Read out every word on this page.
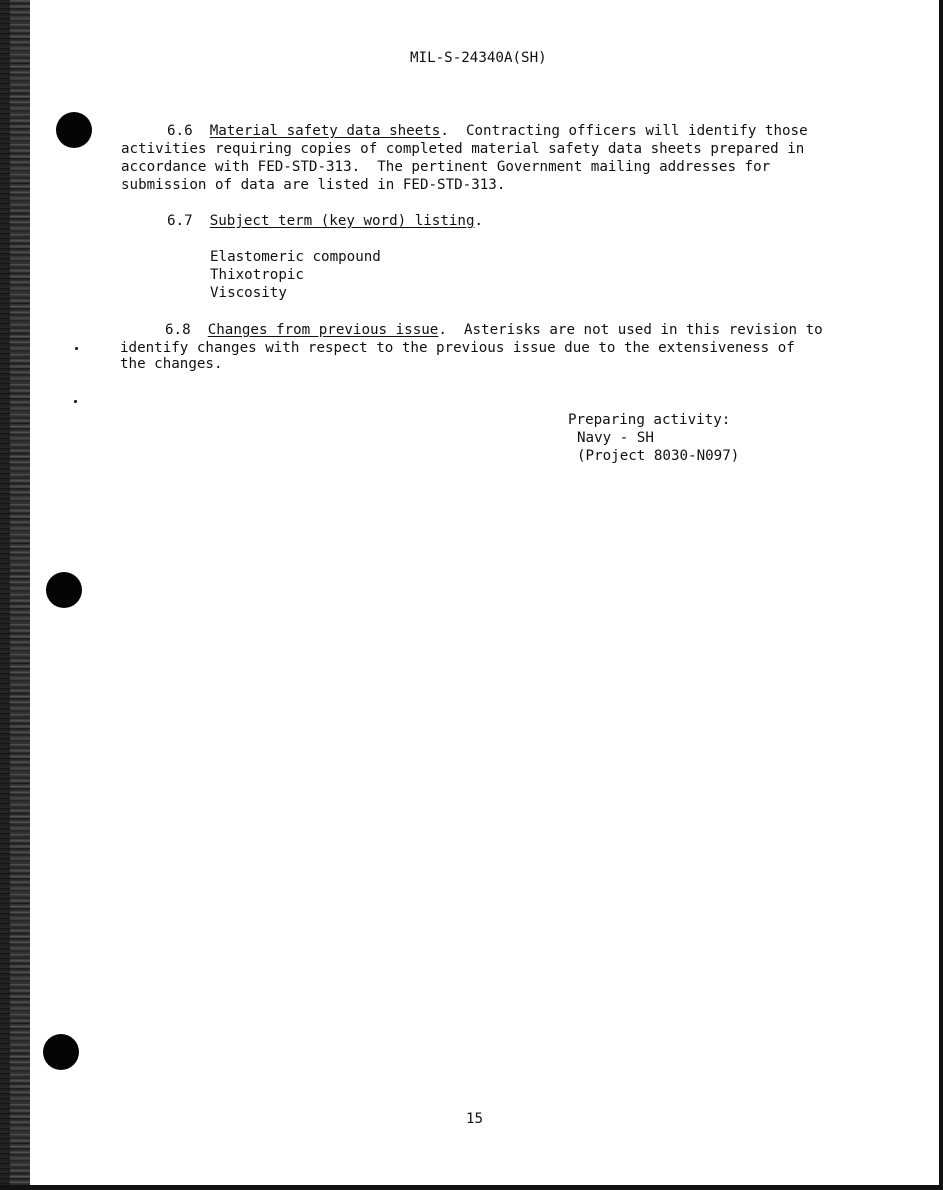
MIL-S-24340A(SH)
6.6 Material safety data sheets.  Contracting officers will identify those
activities requiring copies of completed material safety data sheets prepared in
accordance with FED-STD-313.  The pertinent Government mailing addresses for
submission of data are listed in FED-STD-313.
6.7 Subject term (key word) listing.
Elastomeric compound
Thixotropic
Viscosity
6.8 Changes from previous issue.  Asterisks are not used in this revision to
identify changes with respect to the previous issue due to the extensiveness of
the changes.
Preparing activity:
Navy - SH
(Project 8030-N097)
15
